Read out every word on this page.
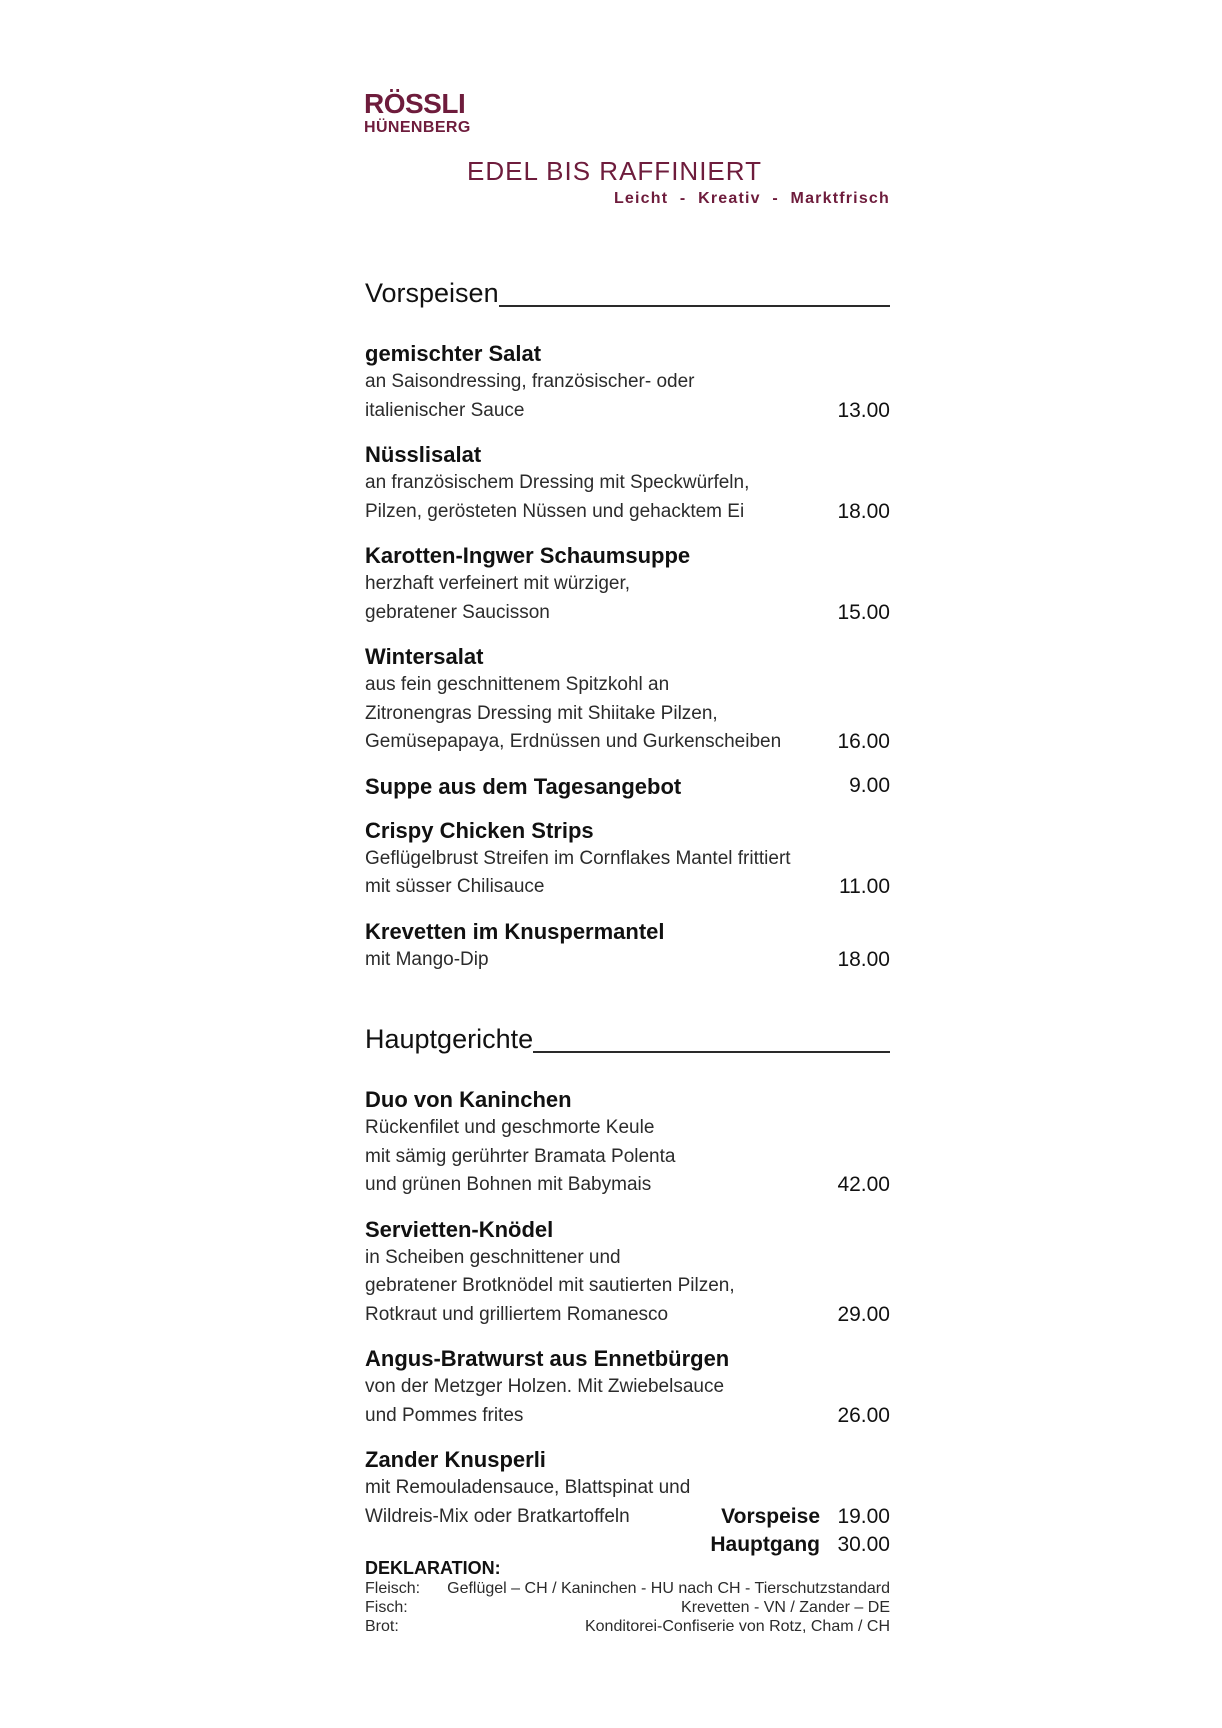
RÖSSLI
HÜNENBERG
EDEL BIS RAFFINIERT
Leicht - Kreativ - Marktfrisch
Vorspeisen
gemischter Salat
an Saisondressing, französischer- oder
italienischer Sauce	13.00
Nüsslisalat
an französischem Dressing mit Speckwürfeln,
Pilzen, gerösteten Nüssen und gehacktem Ei	18.00
Karotten-Ingwer Schaumsuppe
herzhaft verfeinert mit würziger,
gebratener Saucisson	15.00
Wintersalat
aus fein geschnittenem Spitzkohl an
Zitronengras Dressing mit Shiitake Pilzen,
Gemüsepapaya, Erdnüssen und Gurkenscheiben	16.00
Suppe aus dem Tagesangebot	9.00
Crispy Chicken Strips
Geflügelbrust Streifen im Cornflakes Mantel frittiert
mit süsser Chilisauce	11.00
Krevetten im Knuspermantel
mit Mango-Dip	18.00
Hauptgerichte
Duo von Kaninchen
Rückenfilet und geschmorte Keule
mit sämig gerührter Bramata Polenta
und grünen Bohnen mit Babymais	42.00
Servietten-Knödel
in Scheiben geschnittener und
gebratener Brotknödel mit sautierten Pilzen,
Rotkraut und grilliertem Romanesco	29.00
Angus-Bratwurst aus Ennetbürgen
von der Metzger Holzen. Mit Zwiebelsauce
und Pommes frites	26.00
Zander Knusperli
mit Remouladensauce, Blattspinat und
Wildreis-Mix oder Bratkartoffeln	Vorspeise 19.00
Hauptgang 30.00
DEKLARATION:
Fleisch:	Geflügel – CH / Kaninchen - HU nach CH - Tierschutzstandard
Fisch:	Krevetten - VN / Zander – DE
Brot:	Konditorei-Confiserie von Rotz, Cham / CH
